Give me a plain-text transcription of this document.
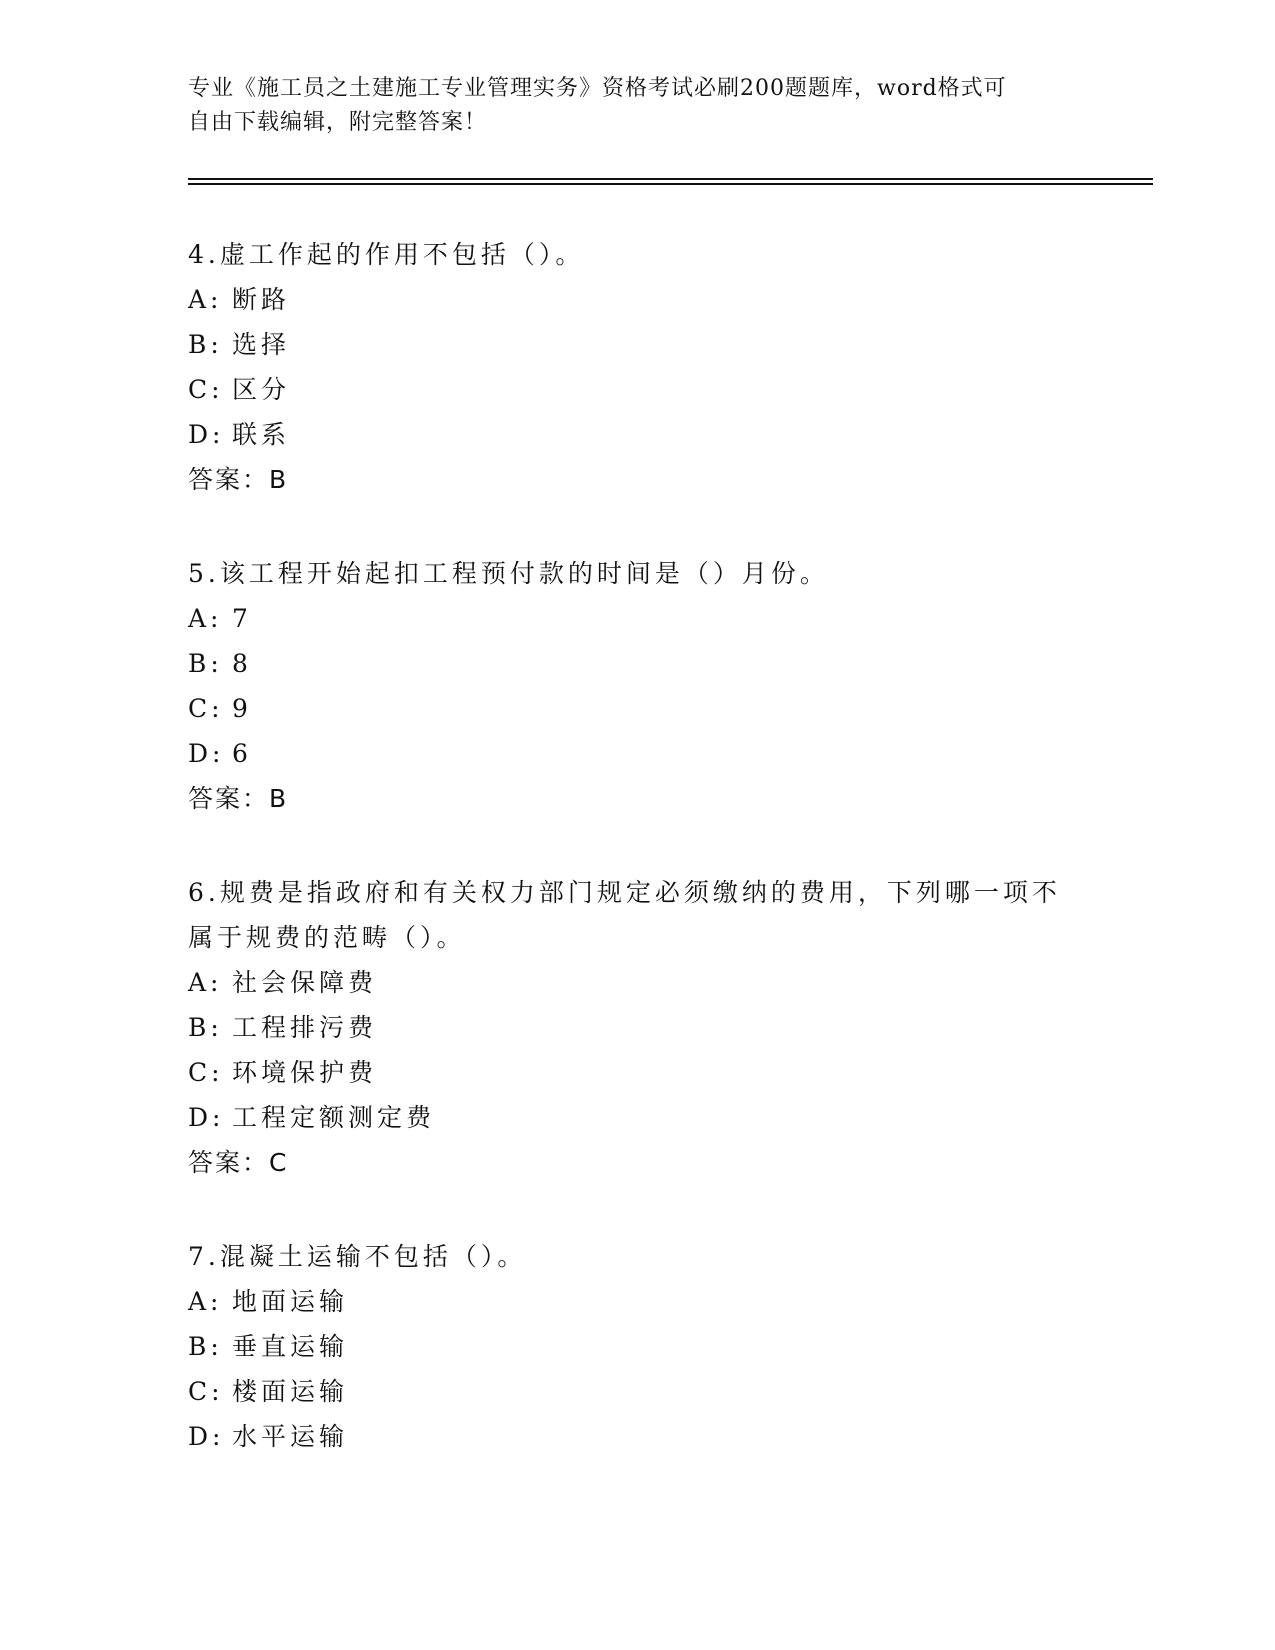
专业《施工员之土建施工专业管理实务》资格考试必刷200题题库，word格式可
自由下载编辑，附完整答案！

4.虚工作起的作用不包括（）。

A: 断路

B: 选择

C: 区分

D: 联系

答案：B

5.该工程开始起扣工程预付款的时间是（）月份。

A: 7

B: 8

C: 9

D: 6

答案：B

6.规费是指政府和有关权力部门规定必须缴纳的费用，下列哪一项不

属于规费的范畴（）。

A: 社会保障费

B: 工程排污费

C: 环境保护费

D: 工程定额测定费

答案：C

7.混凝土运输不包括（）。

A: 地面运输

B: 垂直运输

C: 楼面运输

D: 水平运输
